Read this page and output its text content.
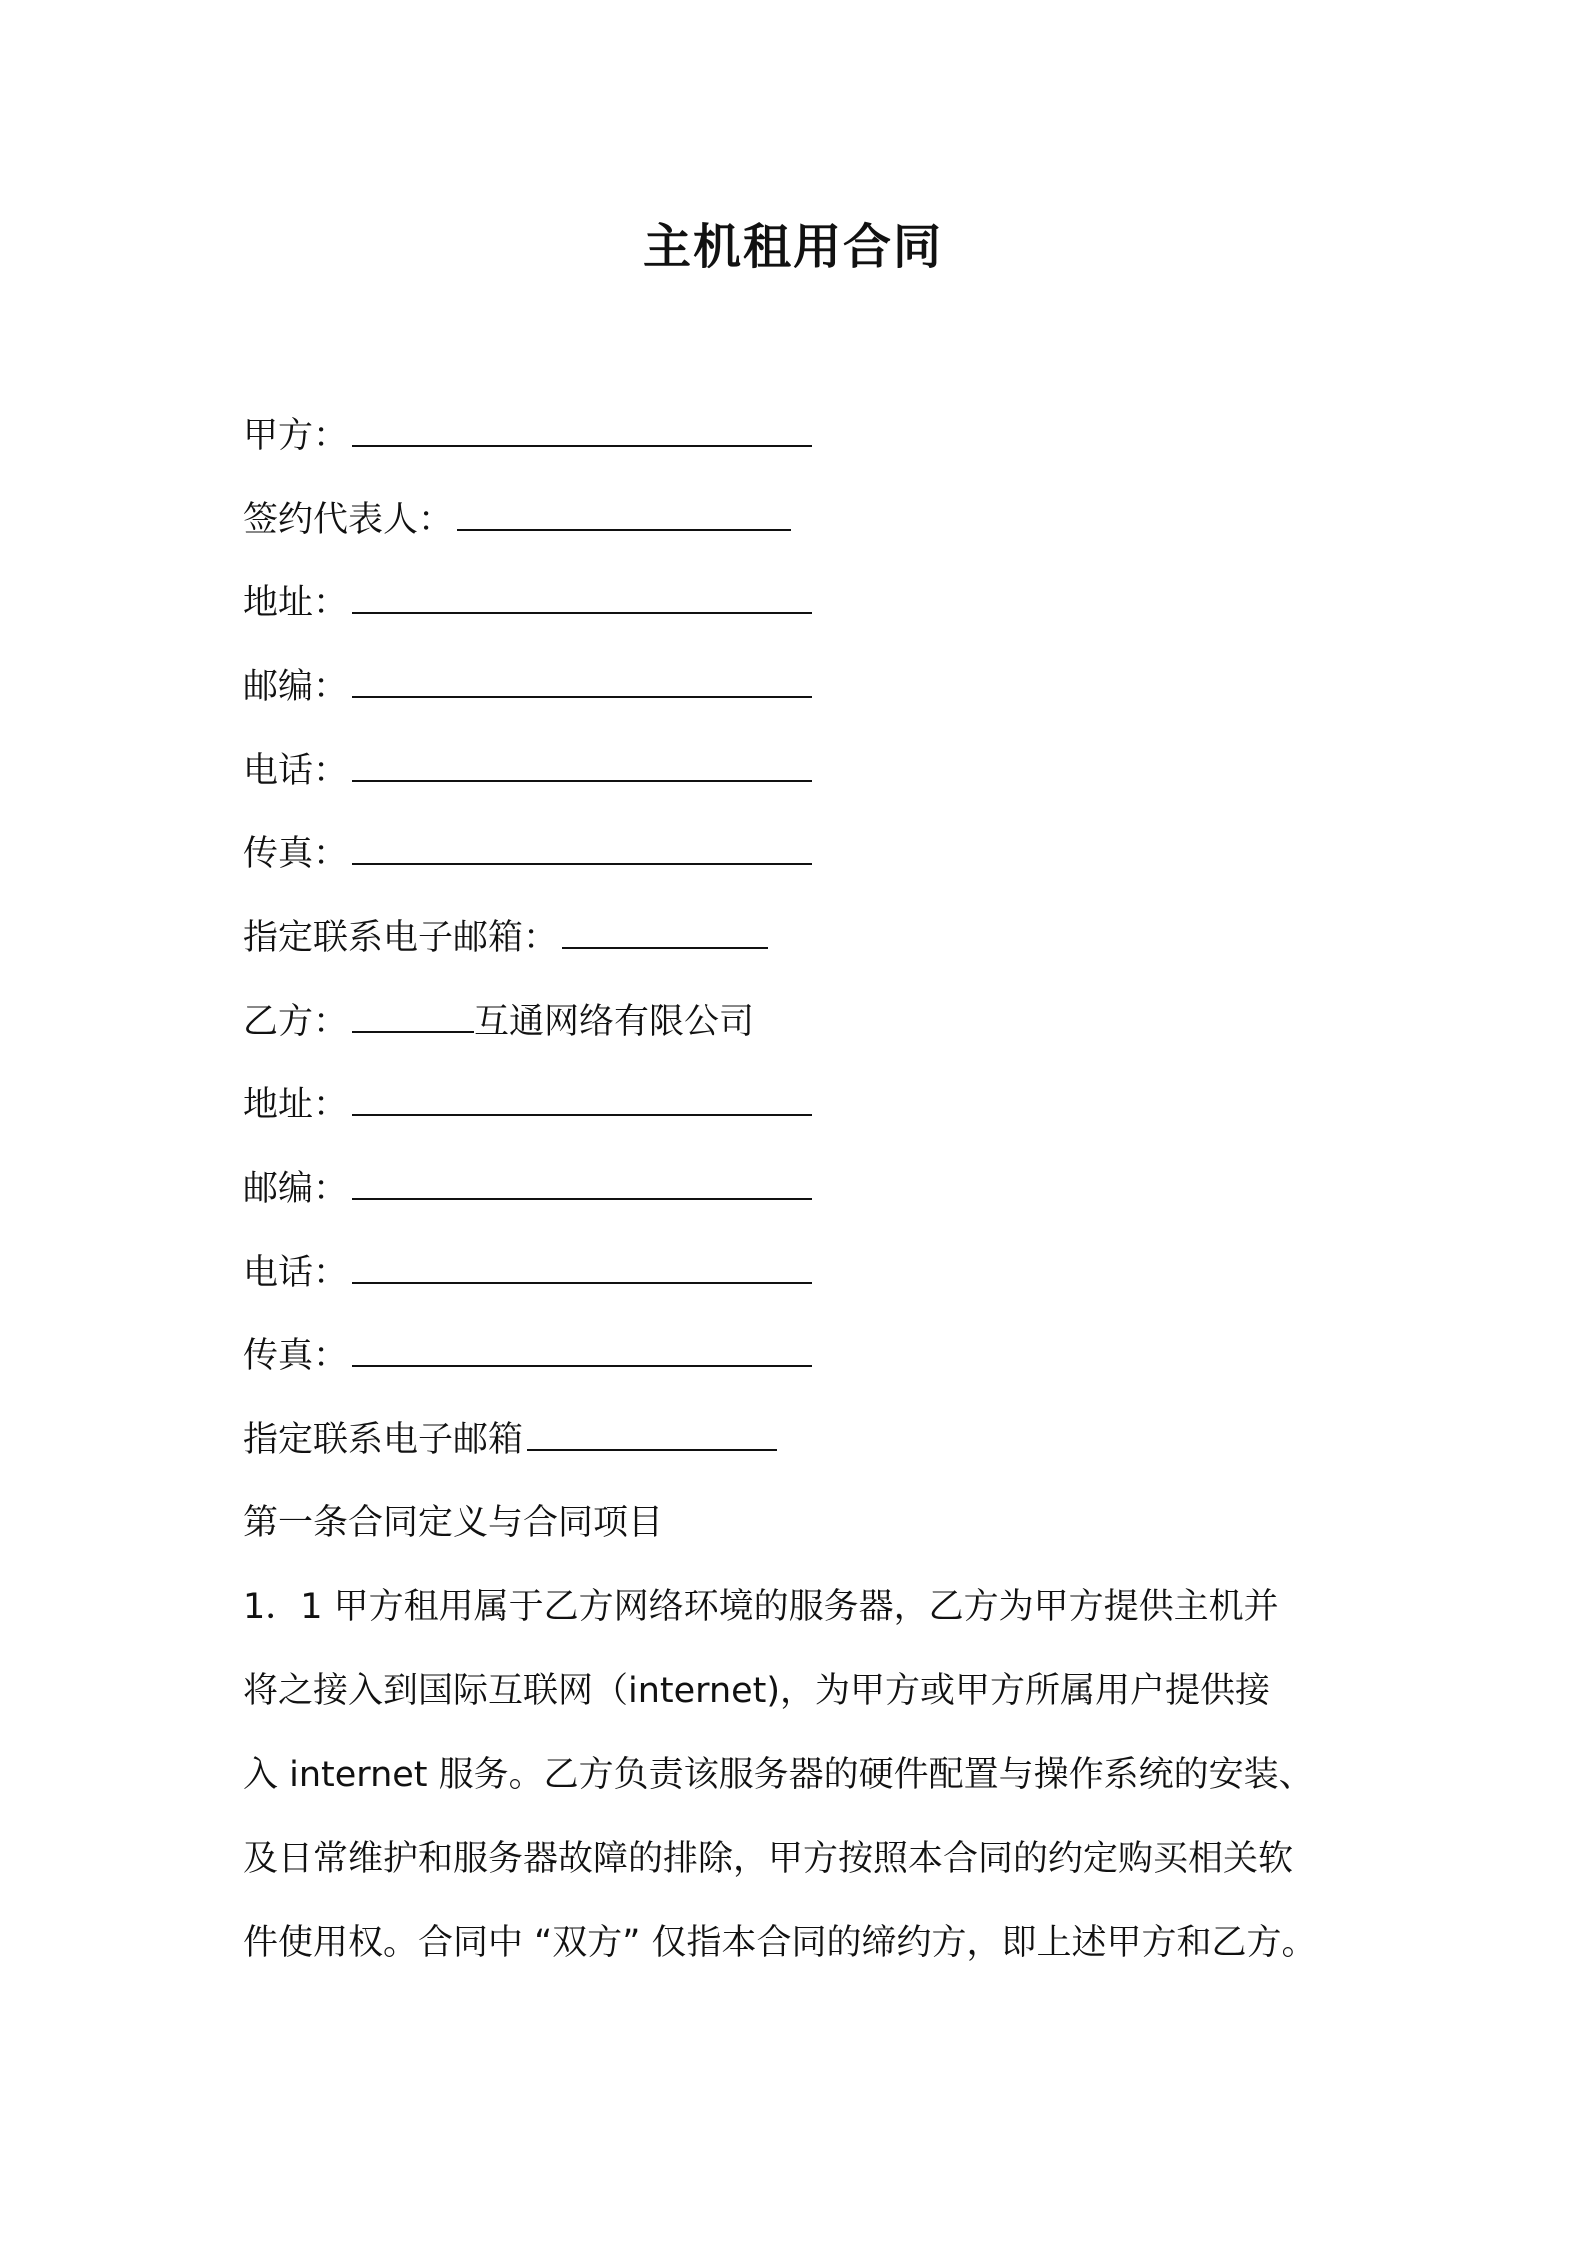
主机租用合同
甲方：
签约代表人：
地址：
邮编：
电话：
传真：
指定联系电子邮箱：
乙方：	互通网络有限公司
地址：
邮编：
电话：
传真：
指定联系电子邮箱
第一条合同定义与合同项目
1．1 甲方租用属于乙方网络环境的服务器，乙方为甲方提供主机并
将之接入到国际互联网（internet)，为甲方或甲方所属用户提供接
入 internet 服务。乙方负责该服务器的硬件配置与操作系统的安装、
及日常维护和服务器故障的排除，甲方按照本合同的约定购买相关软
件使用权。合同中 “双方” 仅指本合同的缔约方，即上述甲方和乙方。
